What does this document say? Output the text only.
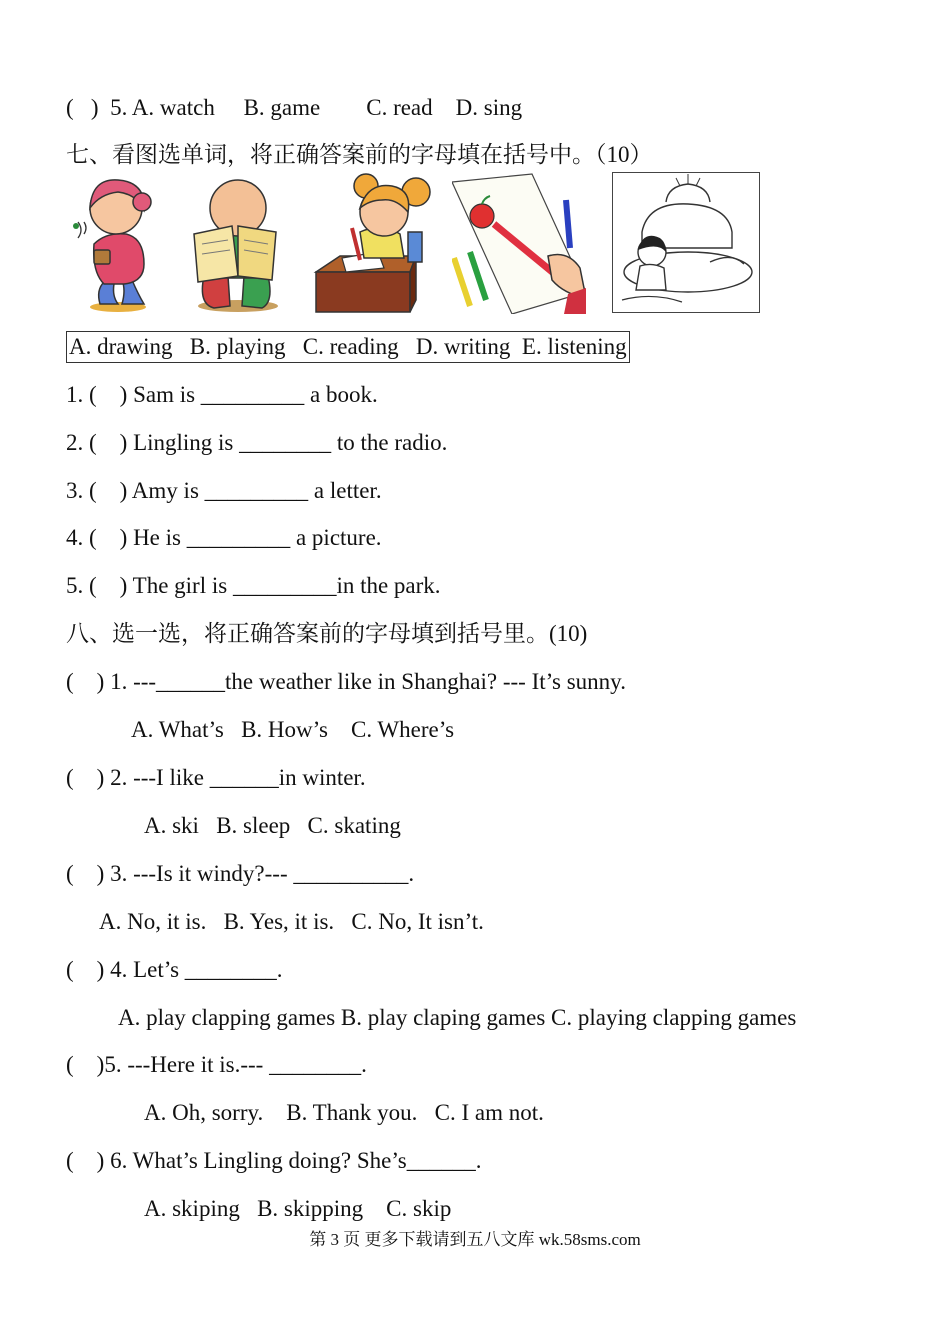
(   )  5. A. watch     B. game        C. read    D. sing
七、看图选单词，将正确答案前的字母填在括号中。（10）
A. drawing   B. playing   C. reading   D. writing  E. listening
1. (    ) Sam is _________ a book.
2. (    ) Lingling is ________ to the radio.
3. (    ) Amy is _________ a letter.
4. (    ) He is _________ a picture.
5. (    ) The girl is _________in the park.
八、选一选，将正确答案前的字母填到括号里。(10)
(    ) 1. ---______the weather like in Shanghai? --- It’s sunny.
A. What’s   B. How’s    C. Where’s
(    ) 2. ---I like ______in winter.
A. ski   B. sleep   C. skating
(    ) 3. ---Is it windy?--- __________.
A. No, it is.   B. Yes, it is.   C. No, It isn’t.
(    ) 4. Let’s ________.
A. play clapping games B. play claping games C. playing clapping games
(    )5. ---Here it is.--- ________.
A. Oh, sorry.    B. Thank you.   C. I am not.
(    ) 6. What’s Lingling doing? She’s______.
A. skiping   B. skipping    C. skip
第 3 页 更多下载请到五八文库 wk.58sms.com
